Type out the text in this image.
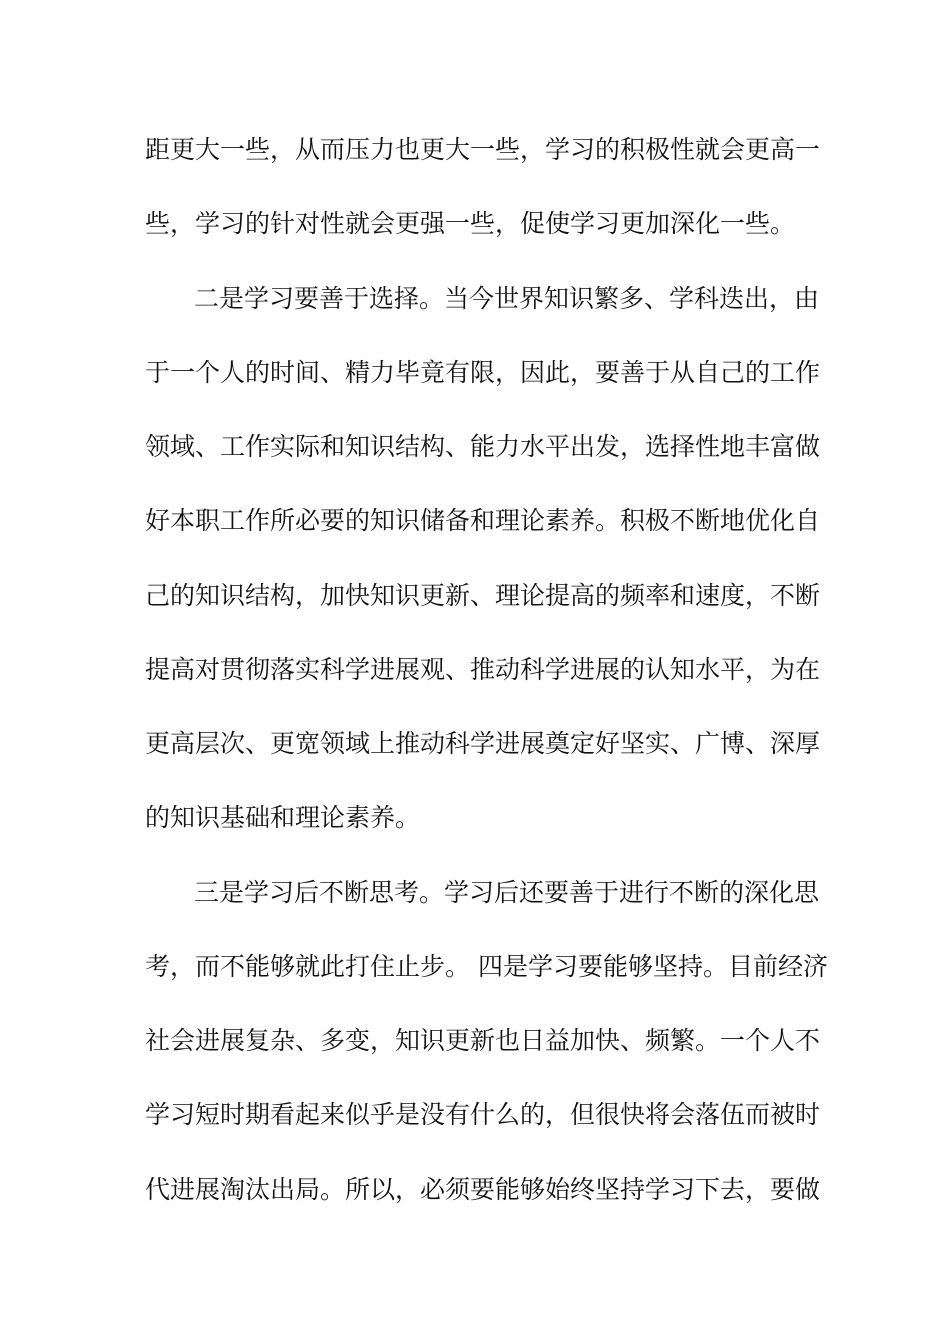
距更大一些，从而压力也更大一些，学习的积极性就会更高一
些，学习的针对性就会更强一些，促使学习更加深化一些。
二是学习要善于选择。当今世界知识繁多、学科迭出，由
于一个人的时间、精力毕竟有限，因此，要善于从自己的工作
领域、工作实际和知识结构、能力水平出发，选择性地丰富做
好本职工作所必要的知识储备和理论素养。积极不断地优化自
己的知识结构，加快知识更新、理论提高的频率和速度，不断
提高对贯彻落实科学进展观、推动科学进展的认知水平，为在
更高层次、更宽领域上推动科学进展奠定好坚实、广博、深厚
的知识基础和理论素养。
三是学习后不断思考。学习后还要善于进行不断的深化思
考，而不能够就此打住止步。 四是学习要能够坚持。目前经济
社会进展复杂、多变，知识更新也日益加快、频繁。一个人不
学习短时期看起来似乎是没有什么的，但很快将会落伍而被时
代进展淘汰出局。所以，必须要能够始终坚持学习下去，要做
